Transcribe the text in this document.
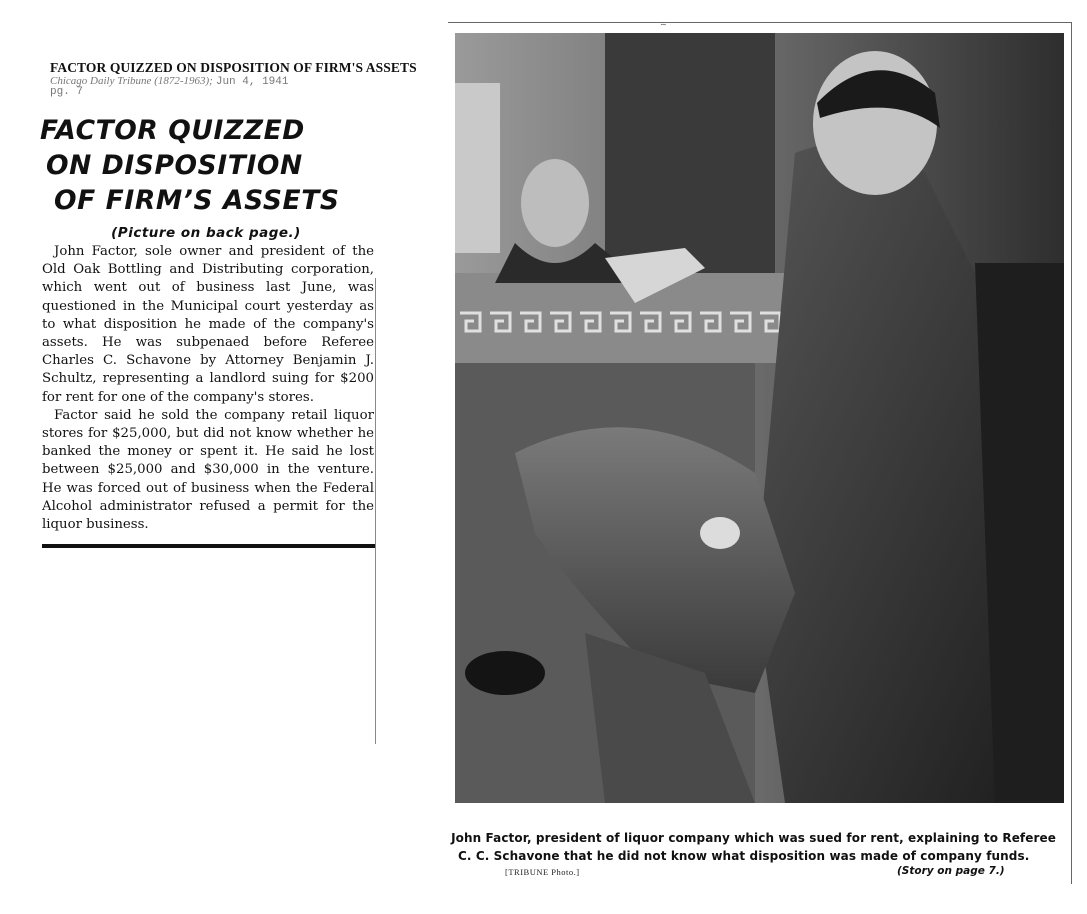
FACTOR QUIZZED ON DISPOSITION OF FIRM'S ASSETS
Chicago Daily Tribune (1872-1963); Jun 4, 1941
pg. 7
FACTOR QUIZZED
ON DISPOSITION
OF FIRM’S ASSETS
(Picture on back page.)

John Factor, sole owner and president of the Old Oak Bottling and Distributing corporation, which went out of business last June, was questioned in the Municipal court yesterday as to what disposition he made of the company's assets. He was subpenaed before Referee Charles C. Schavone by Attorney Benjamin J. Schultz, representing a landlord suing for $200 for rent for one of the company's stores.

Factor said he sold the company retail liquor stores for $25,000, but did not know whether he banked the money or spent it. He said he lost between $25,000 and $30,000 in the venture. He was forced out of business when the Federal Alcohol administrator refused a permit for the liquor business.

∼
John Factor, president of liquor company which was sued for rent, explaining to Referee
C. C. Schavone that he did not know what disposition was made of company funds.
[TRIBUNE Photo.]	(Story on page 7.)
